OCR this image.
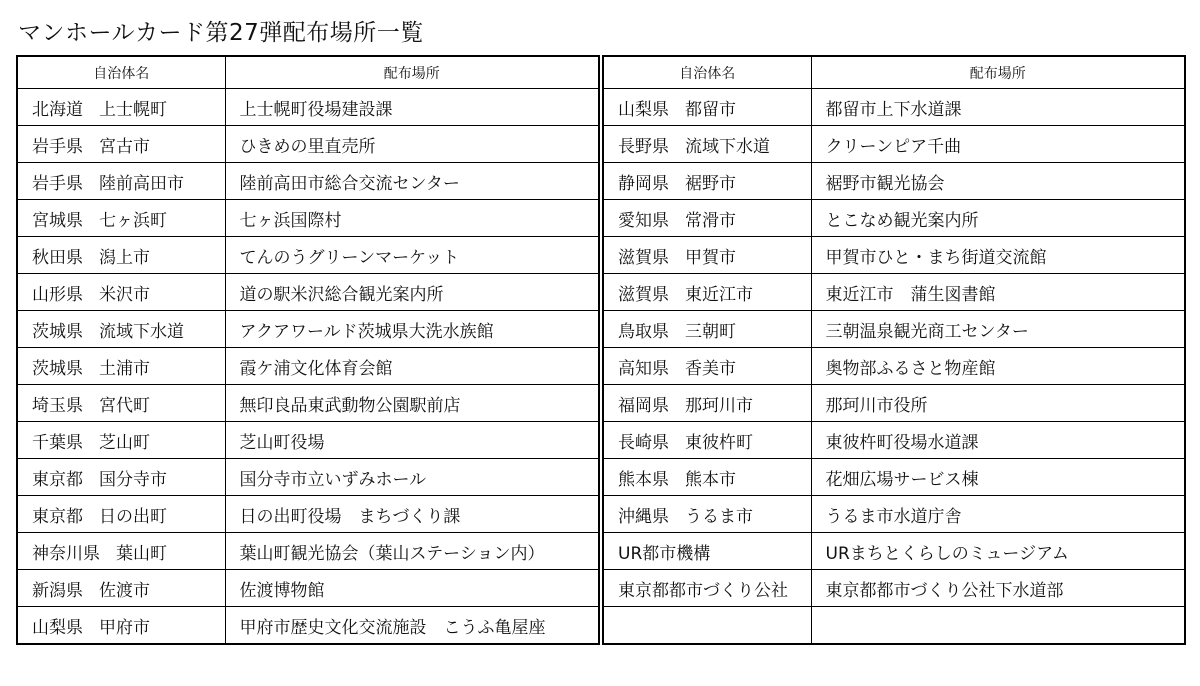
マンホールカード第27弾配布場所一覧
自治体名	配布場所
北海道 上士幌町	上士幌町役場建設課
岩手県 宮古市	ひきめの里直売所
岩手県 陸前高田市	陸前高田市総合交流センター
宮城県 七ヶ浜町	七ヶ浜国際村
秋田県 潟上市	てんのうグリーンマーケット
山形県 米沢市	道の駅米沢総合観光案内所
茨城県 流域下水道	アクアワールド茨城県大洗水族館
茨城県 土浦市	霞ケ浦文化体育会館
埼玉県 宮代町	無印良品東武動物公園駅前店
千葉県 芝山町	芝山町役場
東京都 国分寺市	国分寺市立いずみホール
東京都 日の出町	日の出町役場　まちづくり課
神奈川県 葉山町	葉山町観光協会（葉山ステーション内）
新潟県 佐渡市	佐渡博物館
山梨県 甲府市	甲府市歴史文化交流施設　こうふ亀屋座
自治体名	配布場所
山梨県 都留市	都留市上下水道課
長野県 流域下水道	クリーンピア千曲
静岡県 裾野市	裾野市観光協会
愛知県 常滑市	とこなめ観光案内所
滋賀県 甲賀市	甲賀市ひと・まち街道交流館
滋賀県 東近江市	東近江市　蒲生図書館
鳥取県 三朝町	三朝温泉観光商工センター
高知県 香美市	奥物部ふるさと物産館
福岡県 那珂川市	那珂川市役所
長崎県 東彼杵町	東彼杵町役場水道課
熊本県 熊本市	花畑広場サービス棟
沖縄県 うるま市	うるま市水道庁舎
UR都市機構	URまちとくらしのミュージアム
東京都都市づくり公社	東京都都市づくり公社下水道部
